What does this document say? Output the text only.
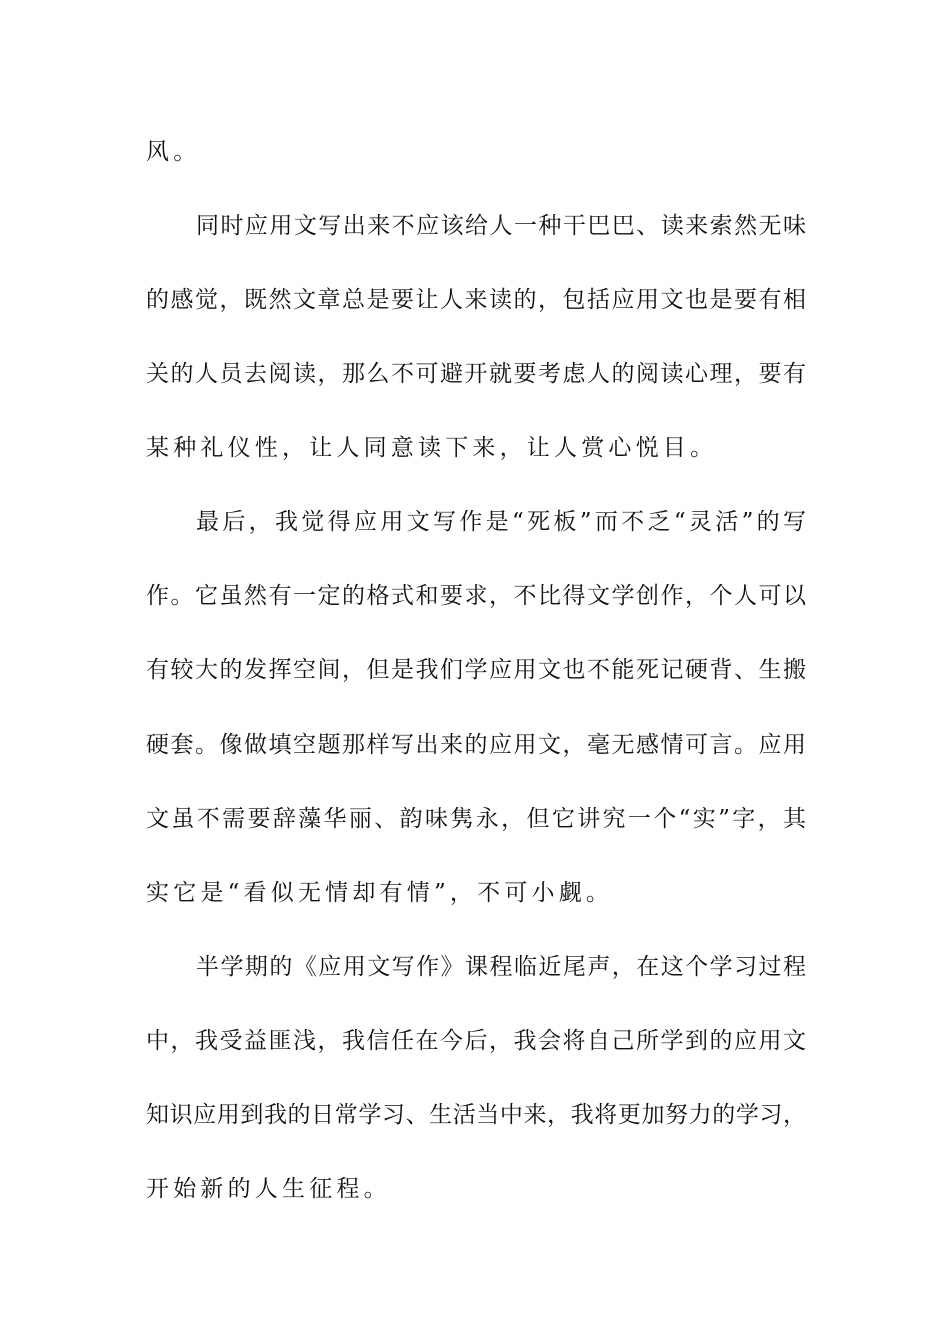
风。
同时应用文写出来不应该给人一种干巴巴、读来索然无味
的感觉，既然文章总是要让人来读的，包括应用文也是要有相
关的人员去阅读，那么不可避开就要考虑人的阅读心理，要有
某种礼仪性，让人同意读下来，让人赏心悦目。
最后，我觉得应用文写作是“死板”而不乏“灵活”的写
作。它虽然有一定的格式和要求，不比得文学创作，个人可以
有较大的发挥空间，但是我们学应用文也不能死记硬背、生搬
硬套。像做填空题那样写出来的应用文，毫无感情可言。应用
文虽不需要辞藻华丽、韵味隽永，但它讲究一个“实”字，其
实它是“看似无情却有情”，不可小觑。
半学期的《应用文写作》课程临近尾声，在这个学习过程
中，我受益匪浅，我信任在今后，我会将自己所学到的应用文
知识应用到我的日常学习、生活当中来，我将更加努力的学习，
开始新的人生征程。
